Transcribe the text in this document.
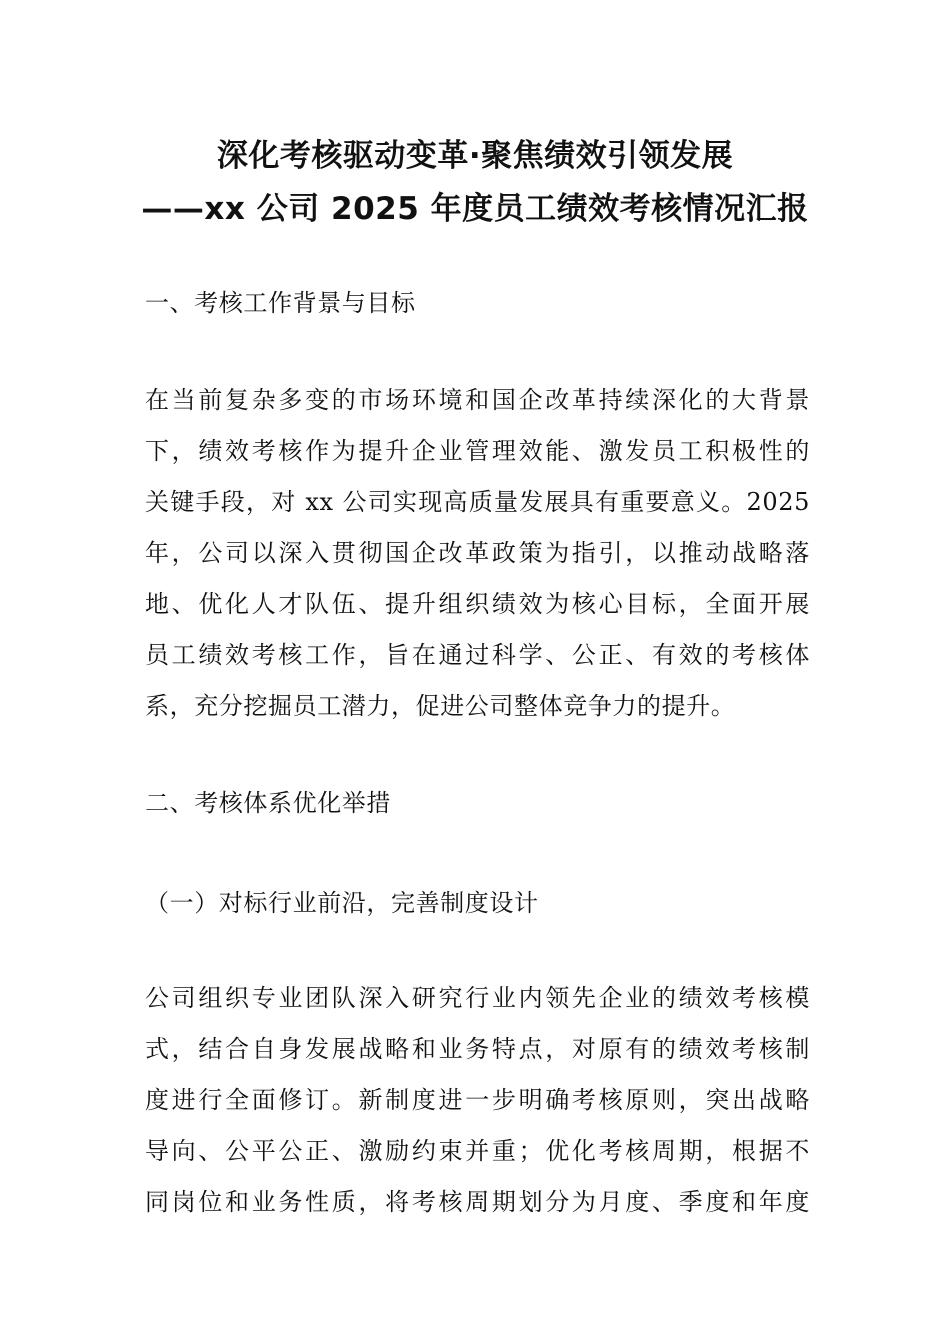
深化考核驱动变革·聚焦绩效引领发展
——xx 公司 2025 年度员工绩效考核情况汇报
一、考核工作背景与目标
在当前复杂多变的市场环境和国企改革持续深化的大背景
下，绩效考核作为提升企业管理效能、激发员工积极性的
关键手段，对 xx 公司实现高质量发展具有重要意义。2025
年，公司以深入贯彻国企改革政策为指引，以推动战略落
地、优化人才队伍、提升组织绩效为核心目标，全面开展
员工绩效考核工作，旨在通过科学、公正、有效的考核体
系，充分挖掘员工潜力，促进公司整体竞争力的提升。
二、考核体系优化举措
（一）对标行业前沿，完善制度设计
公司组织专业团队深入研究行业内领先企业的绩效考核模
式，结合自身发展战略和业务特点，对原有的绩效考核制
度进行全面修订。新制度进一步明确考核原则，突出战略
导向、公平公正、激励约束并重；优化考核周期，根据不
同岗位和业务性质，将考核周期划分为月度、季度和年度
